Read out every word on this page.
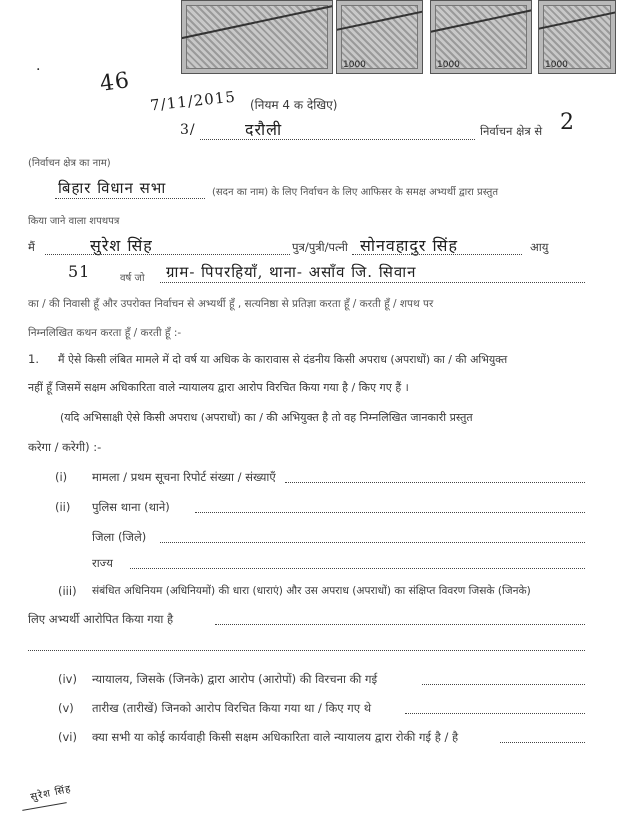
1000	1000	1000
46
7/11/2015
.
(नियम 4 क देखिए)
3/	दरौली	निर्वाचन क्षेत्र से 2
(निर्वाचन क्षेत्र का नाम)
बिहार विधान सभा	(सदन का नाम) के लिए निर्वाचन के लिए आफिसर के समक्ष अभ्यर्थी द्वारा प्रस्तुत
किया जाने वाला शपथपत्र
मैं	सुरेश सिंह	पुत्र/पुत्री/पत्नी सोनवहादुर सिंह	आयु
51	वर्ष जो ग्राम- पिपरहियाँ, थाना- असाँव जि. सिवान
का / की निवासी हूँ और उपरोक्त निर्वाचन से अभ्यर्थी हूँ , सत्यनिष्ठा से प्रतिज्ञा करता हूँ / करती हूँ / शपथ पर
निम्नलिखित कथन करता हूँ / करती हूँ :-
1. मैं ऐसे किसी लंबित मामले में दो वर्ष या अधिक के कारावास से दंडनीय किसी अपराध (अपराधों) का / की अभियुक्त
नहीं हूँ जिसमें सक्षम अधिकारिता वाले न्यायालय द्वारा आरोप विरचित किया गया है / किए गए हैं ।
(यदि अभिसाक्षी ऐसे किसी अपराध (अपराधों) का / की अभियुक्त है तो वह निम्नलिखित जानकारी प्रस्तुत
करेगा / करेगी) :-
(i) मामला / प्रथम सूचना रिपोर्ट संख्या / संख्याएँ
(ii) पुलिस थाना (थाने)
जिला (जिले)
राज्य
(iii) संबंधित अधिनियम (अधिनियमों) की धारा (धाराएं) और उस अपराध (अपराधों) का संक्षिप्त विवरण जिसके (जिनके)
लिए अभ्यर्थी आरोपित किया गया है
(iv) न्यायालय, जिसके (जिनके) द्वारा आरोप (आरोपों) की विरचना की गई
(v) तारीख (तारीखें) जिनको आरोप विरचित किया गया था / किए गए थे
(vi) क्या सभी या कोई कार्यवाही किसी सक्षम अधिकारिता वाले न्यायालय द्वारा रोकी गई है / है
सुरेश सिंह
